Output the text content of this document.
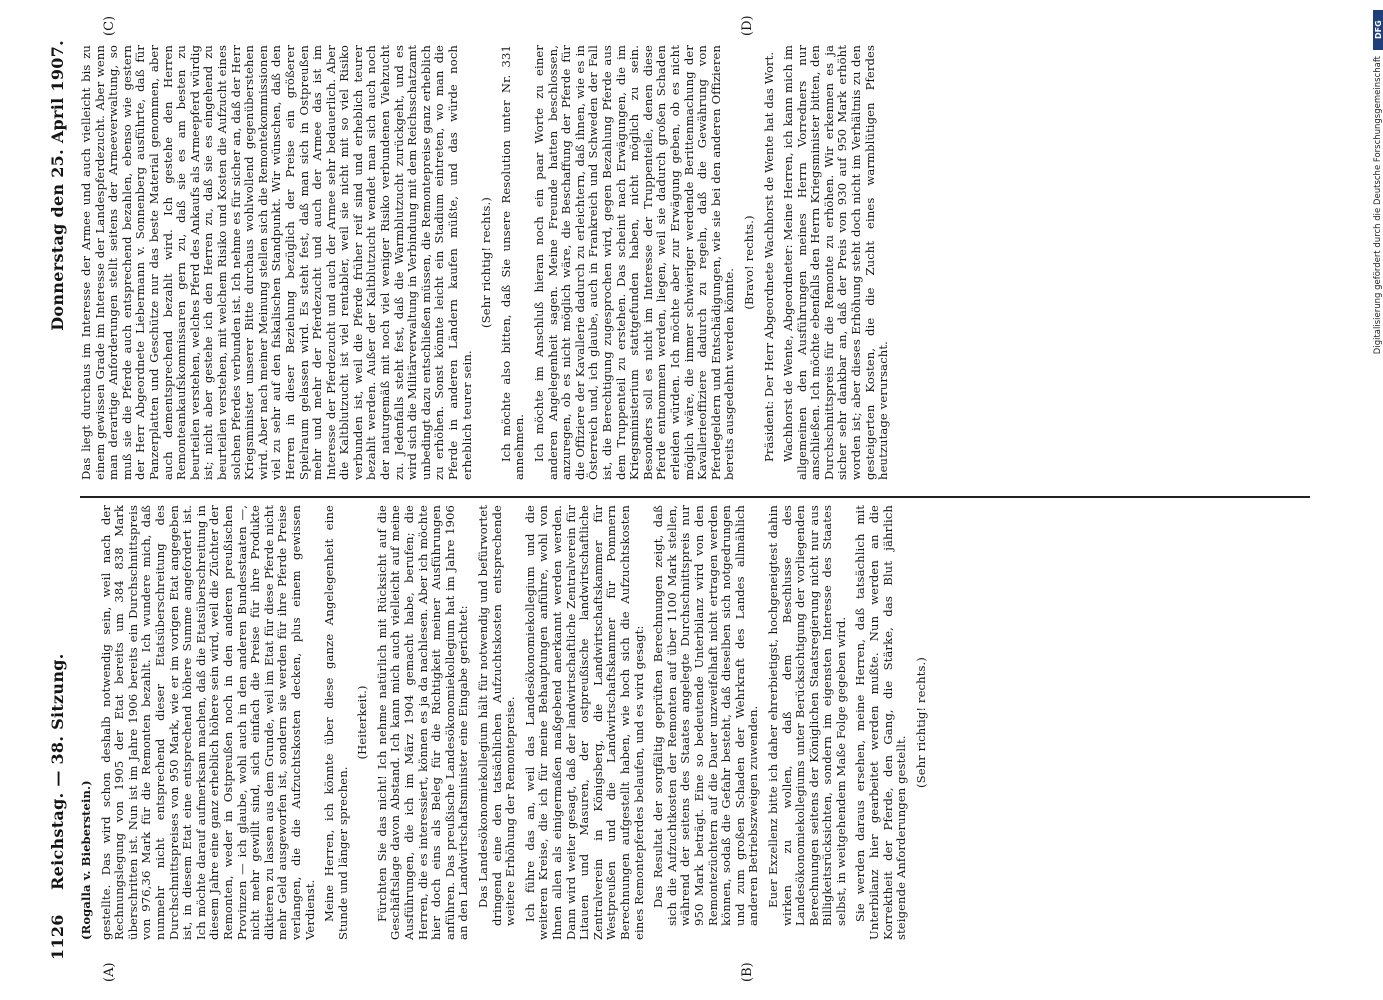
1126
Reichstag. — 38. Sitzung.
Donnerstag den 25. April 1907.
(A)	(B)
(C)	(D)

(Rogalla v. Bieberstein.) gestellte. Das wird schon deshalb notwendig sein, weil nach der Rechnungslegung von 1905 der Etat bereits um 384 838 Mark überschritten ist. Nun ist im Jahre 1906 bereits ein Durchschnittspreis von 976,36 Mark für die Remonten bezahlt. Ich wundere mich, daß nunmehr nicht entsprechend dieser Etatsüberschreitung des Durchschnittspreises von 950 Mark, wie er im vorigen Etat angegeben ist, in diesem Etat eine entsprechend höhere Summe angefordert ist. Ich möchte darauf aufmerksam machen, daß die Etatsüberschreitung in diesem Jahre eine ganz erheblich höhere sein wird, weil die Züchter der Remonten, weder in Ostpreußen noch in den anderen preußischen Provinzen — ich glaube, wohl auch in den anderen Bundesstaaten —, nicht mehr gewillt sind, sich einfach die Preise für ihre Produkte diktieren zu lassen aus dem Grunde, weil im Etat für diese Pferde nicht mehr Geld ausgeworfen ist, sondern sie werden für ihre Pferde Preise verlangen, die die Aufzuchtskosten decken, plus einem gewissen Verdienst. Meine Herren, ich könnte über diese ganze Angelegenheit eine Stunde und länger sprechen.

(Heiterkeit.) Fürchten Sie das nicht! Ich nehme natürlich mit Rücksicht auf die Geschäftslage davon Abstand. Ich kann mich auch vielleicht auf meine Ausführungen, die ich im März 1904 gemacht habe, berufen; die Herren, die es interessiert, können es ja da nachlesen. Aber ich möchte hier doch eins als Beleg für die Richtigkeit meiner Ausführungen anführen. Das preußische Landesökonomiekollegium hat im Jahre 1906 an den Landwirtschaftsminister eine Eingabe gerichtet: Das Landesökonomiekollegium hält für notwendig und befürwortet dringend eine den tatsächlichen Aufzuchtskosten entsprechende weitere Erhöhung der Remontepreise. Ich führe das an, weil das Landesökonomiekollegium und die weiteren Kreise, die ich für meine Behauptungen anführe, wohl von Ihnen allen als einigermaßen maßgebend anerkannt werden werden. Dann wird weiter gesagt, daß der landwirtschaftliche Zentralverein für Litauen und Masuren, der ostpreußische landwirtschaftliche Zentralverein in Königsberg, die Landwirtschaftskammer für Westpreußen und die Landwirtschaftskammer für Pommern Berechnungen aufgestellt haben, wie hoch sich die Aufzuchtskosten eines Remontepferdes belaufen, und es wird gesagt: Das Resultat der sorgfältig geprüften Berechnungen zeigt, daß sich die Aufzuchtkosten der Remonten auf über 1100 Mark stellen, während der seitens des Staates angelegte Durchschnittspreis nur 950 Mark beträgt. Eine so bedeutende Unterbilanz wird von den Remontezüchtern auf die Dauer unzweifelhaft nicht ertragen werden können, sodaß die Gefahr besteht, daß dieselben sich notgedrungen und zum großen Schaden der Wehrkraft des Landes allmählich anderen Betriebszweigen zuwenden. Euer Exzellenz bitte ich daher ehrerbietigst, hochgeneigtest dahin wirken zu wollen, daß dem Beschlusse des Landesökonomiekollegiums unter Berücksichtigung der vorliegenden Berechnungen seitens der Königlichen Staatsregierung nicht nur aus Billigkeitsrücksichten, sondern im eigensten Interesse des Staates selbst, in weitgehendem Maße Folge gegeben wird. Sie werden daraus ersehen, meine Herren, daß tatsächlich mit Unterbilanz hier gearbeitet werden mußte. Nun werden an die Korrektheit der Pferde, den Gang, die Stärke, das Blut jährlich steigende Anforderungen gestellt.

(Sehr richtig! rechts.)

Das liegt durchaus im Interesse der Armee und auch vielleicht bis zu einem gewissen Grade im Interesse der Landespferdezucht. Aber wenn man derartige Anforderungen stellt seitens der Armeeverwaltung, so muß sie die Pferde auch entsprechend bezahlen, ebenso wie gestern der Herr Abgeordnete Liebermann v. Sonnenberg ausführte, daß für Panzerplatten und Geschütze nur das beste Material genommen, aber auch dementsprechend bezahlt wird. Ich gestehe den Herren Remonteankaufskommissaren gern zu, daß sie es am besten zu beurteilen verstehen, welches Pferd des Ankaufs als Armeepferd würdig ist; nicht aber gestehe ich den Herren zu, daß sie es eingehend zu beurteilen verstehen, mit welchem Risiko und Kosten die Aufzucht eines solchen Pferdes verbunden ist. Ich nehme es für sicher an, daß der Herr Kriegsminister unserer Bitte durchaus wohlwollend gegenüberstehen wird. Aber nach meiner Meinung stellen sich die Remontekommissionen viel zu sehr auf den fiskalischen Standpunkt. Wir wünschen, daß den Herren in dieser Beziehung bezüglich der Preise ein größerer Spielraum gelassen wird. Es steht fest, daß man sich in Ostpreußen mehr und mehr der Pferdezucht und auch der Armee das ist im Interesse der Pferdezucht und auch der Armee sehr bedauerlich. Aber die Kaltblutzucht ist viel rentabler, weil sie nicht mit so viel Risiko verbunden ist, weil die Pferde früher reif sind und erheblich teurer bezahlt werden. Außer der Kaltblutzucht wendet man sich auch noch der naturgemäß mit noch viel weniger Risiko verbundenen Viehzucht zu. Jedenfalls steht fest, daß die Warmblutzucht zurückgeht, und es wird sich die Militärverwaltung in Verbindung mit dem Reichsschatzamt unbedingt dazu entschließen müssen, die Remontepreise ganz erheblich zu erhöhen. Sonst könnte leicht ein Stadium eintreten, wo man die Pferde in anderen Ländern kaufen müßte, und das würde noch erheblich teurer sein.

(Sehr richtig! rechts.) Ich möchte also bitten, daß Sie unsere Resolution unter Nr. 331 annehmen. Ich möchte im Anschluß hieran noch ein paar Worte zu einer anderen Angelegenheit sagen. Meine Freunde hatten beschlossen, anzuregen, ob es nicht möglich wäre, die Beschaffung der Pferde für die Offiziere der Kavallerie dadurch zu erleichtern, daß ihnen, wie es in Österreich und, ich glaube, auch in Frankreich und Schweden der Fall ist, die Berechtigung zugesprochen wird, gegen Bezahlung Pferde aus dem Truppenteil zu erstehen. Das scheint nach Erwägungen, die im Kriegsministerium stattgefunden haben, nicht möglich zu sein. Besonders soll es nicht im Interesse der Truppenteile, denen diese Pferde entnommen werden, liegen, weil sie dadurch großen Schaden erleiden würden. Ich möchte aber zur Erwägung geben, ob es nicht möglich wäre, die immer schwieriger werdende Berittenmachung der Kavallerieoffiziere dadurch zu regeln, daß die Gewährung von Pferdegeldern und Entschädigungen, wie sie bei den anderen Offizieren bereits ausgedehnt werden könnte.

(Bravo! rechts.) Präsident: Der Herr Abgeordnete Wachhorst de Wente hat das Wort. Wachhorst de Wente, Abgeordneter: Meine Herren, ich kann mich im allgemeinen den Ausführungen meines Herrn Vorredners nur anschließen. Ich möchte ebenfalls den Herrn Kriegsminister bitten, den Durchschnittspreis für die Remonte zu erhöhen. Wir erkennen es ja sicher sehr dankbar an, daß der Preis von 930 auf 950 Mark erhöht worden ist; aber dieses Erhöhung steht doch nicht im Verhältnis zu den gesteigerten Kosten, die die Zucht eines warmblütigen Pferdes heutzutage verursacht.

DFG
Digitalisierung gefördert durch die Deutsche Forschungsgemeinschaft
